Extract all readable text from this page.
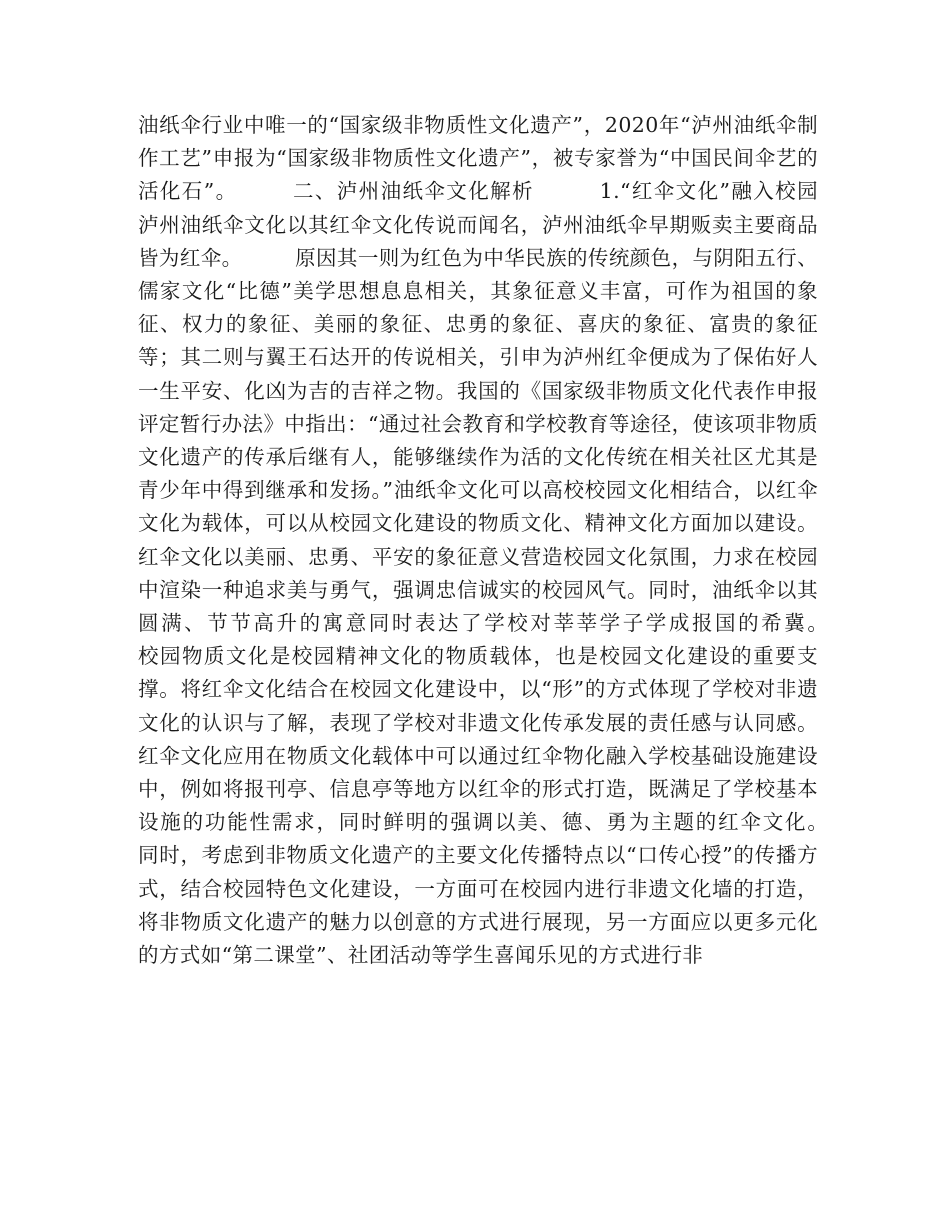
油纸伞行业中唯一的“国家级非物质性文化遗产”，2020年“泸州油纸伞制作工艺”申报为“国家级非物质性文化遗产”，被专家誉为“中国民间伞艺的活化石”。　　　二、泸州油纸伞文化解析　　　1.“红伞文化”融入校园　　　泸州油纸伞文化以其红伞文化传说而闻名，泸州油纸伞早期贩卖主要商品皆为红伞。　　　原因其一则为红色为中华民族的传统颜色，与阴阳五行、儒家文化“比德”美学思想息息相关，其象征意义丰富，可作为祖国的象征、权力的象征、美丽的象征、忠勇的象征、喜庆的象征、富贵的象征等；其二则与翼王石达开的传说相关，引申为泸州红伞便成为了保佑好人一生平安、化凶为吉的吉祥之物。我国的《国家级非物质文化代表作申报评定暂行办法》中指出：“通过社会教育和学校教育等途径，使该项非物质文化遗产的传承后继有人，能够继续作为活的文化传统在相关社区尤其是青少年中得到继承和发扬。”油纸伞文化可以高校校园文化相结合，以红伞文化为载体，可以从校园文化建设的物质文化、精神文化方面加以建设。红伞文化以美丽、忠勇、平安的象征意义营造校园文化氛围，力求在校园中渲染一种追求美与勇气，强调忠信诚实的校园风气。同时，油纸伞以其圆满、节节高升的寓意同时表达了学校对莘莘学子学成报国的希冀。　　　校园物质文化是校园精神文化的物质载体，也是校园文化建设的重要支撑。将红伞文化结合在校园文化建设中，以“形”的方式体现了学校对非遗文化的认识与了解，表现了学校对非遗文化传承发展的责任感与认同感。红伞文化应用在物质文化载体中可以通过红伞物化融入学校基础设施建设中，例如将报刊亭、信息亭等地方以红伞的形式打造，既满足了学校基本设施的功能性需求，同时鲜明的强调以美、德、勇为主题的红伞文化。　　　同时，考虑到非物质文化遗产的主要文化传播特点以“口传心授”的传播方式，结合校园特色文化建设，一方面可在校园内进行非遗文化墙的打造，将非物质文化遗产的魅力以创意的方式进行展现，另一方面应以更多元化的方式如“第二课堂”、社团活动等学生喜闻乐见的方式进行非
